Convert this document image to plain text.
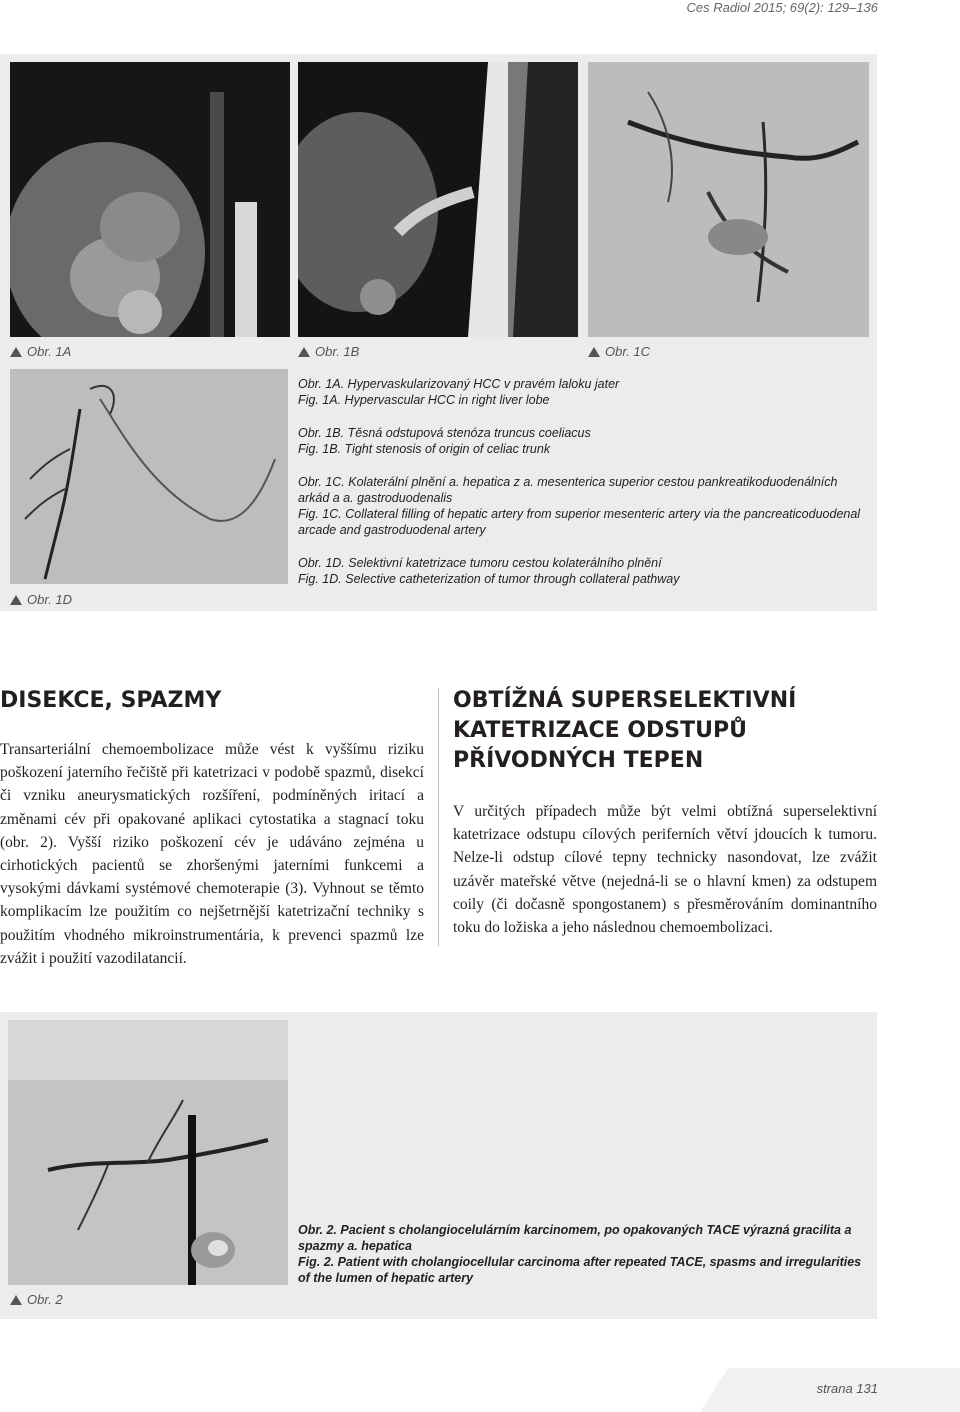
Ces Radiol 2015; 69(2): 129–136
Obr. 1A	Obr. 1B	Obr. 1C
Obr. 1D

Obr. 1A. Hypervaskularizovaný HCC v pravém laloku jater

Fig. 1A. Hypervascular HCC in right liver lobe

Obr. 1B. Těsná odstupová stenóza truncus coeliacus

Fig. 1B. Tight stenosis of origin of celiac trunk

Obr. 1C. Kolaterální plnění a. hepatica z a. mesenterica superior cestou pankreatikoduodenálních arkád a a. gastroduodenalis

Fig. 1C. Collateral filling of hepatic artery from superior mesenteric artery via the pancreaticoduodenal arcade and gastroduodenal artery

Obr. 1D. Selektivní katetrizace tumoru cestou kolaterálního plnění

Fig. 1D. Selective catheterization of tumor through collateral pathway

DISEKCE, SPAZMY
Transarteriální chemoembolizace může vést k vyššímu riziku poškození jaterního řečiště při katetrizaci v podobě spazmů, disekcí či vzniku aneurysmatických rozšíření, podmíněných iritací a změnami cév při opakované aplikaci cytostatika a stagnací toku (obr. 2). Vyšší riziko poškození cév je udáváno zejména u cirhotických pacientů se zhoršenými jaterními funkcemi a vysokými dávkami systémové chemoterapie (3). Vyhnout se těmto komplikacím lze použitím co nejšetrnější katetrizační techniky s použitím vhodného mikroinstrumentária, k prevenci spazmů lze zvážit i použití vazodilatancií.
OBTÍŽNÁ SUPERSELEKTIVNÍ KATETRIZACE ODSTUPŮ PŘÍVODNÝCH TEPEN
V určitých případech může být velmi obtížná superselektivní katetrizace odstupu cílových periferních větví jdoucích k tumoru. Nelze-li odstup cílové tepny technicky nasondovat, lze zvážit uzávěr mateřské větve (nejedná-li se o hlavní kmen) za odstupem coily (či dočasně spongostanem) s přesměrováním dominantního toku do ložiska a jeho následnou chemoembolizaci.
Obr. 2

Obr. 2. Pacient s cholangiocelulárním karcinomem, po opakovaných TACE výrazná gracilita a spazmy a. hepatica

Fig. 2. Patient with cholangiocellular carcinoma after repeated TACE, spasms and irregularities of the lumen of hepatic artery

strana 131
